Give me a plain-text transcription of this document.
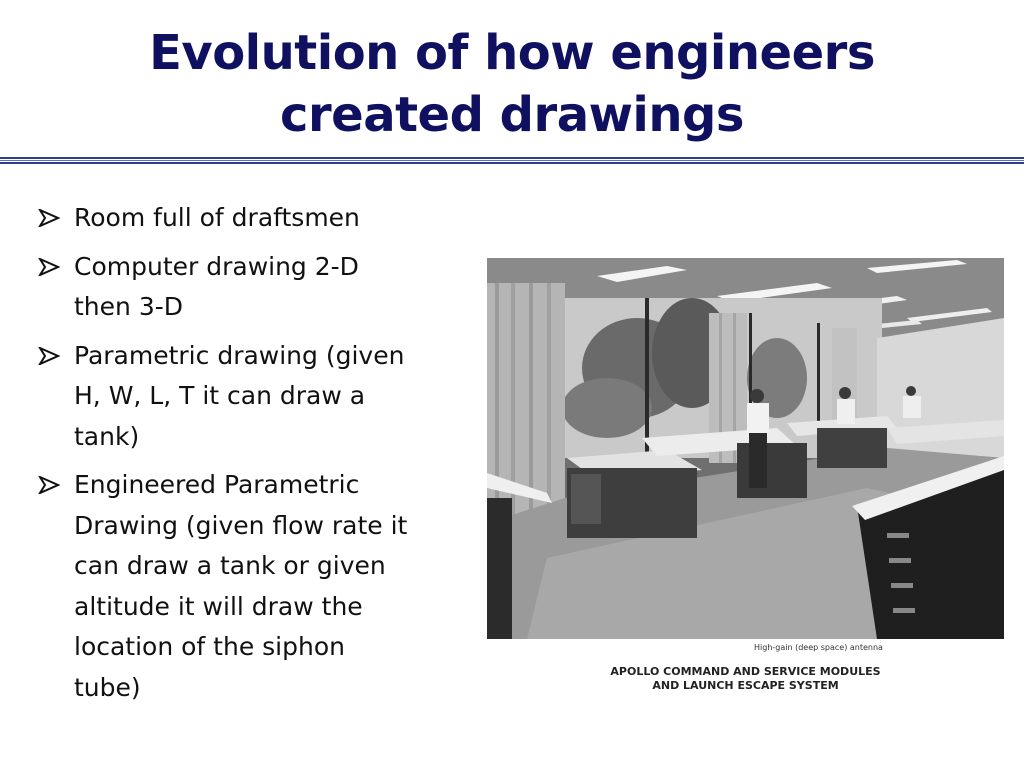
Evolution of how engineers
created drawings
Room full of draftsmen
Computer drawing 2-D
then 3-D
Parametric drawing (given
H, W, L, T it can draw a
tank)
Engineered Parametric
Drawing (given flow rate it
can draw a tank or given
altitude it will draw the
location of the siphon
tube)
High-gain (deep space) antenna
APOLLO COMMAND AND SERVICE MODULES
AND LAUNCH ESCAPE SYSTEM
